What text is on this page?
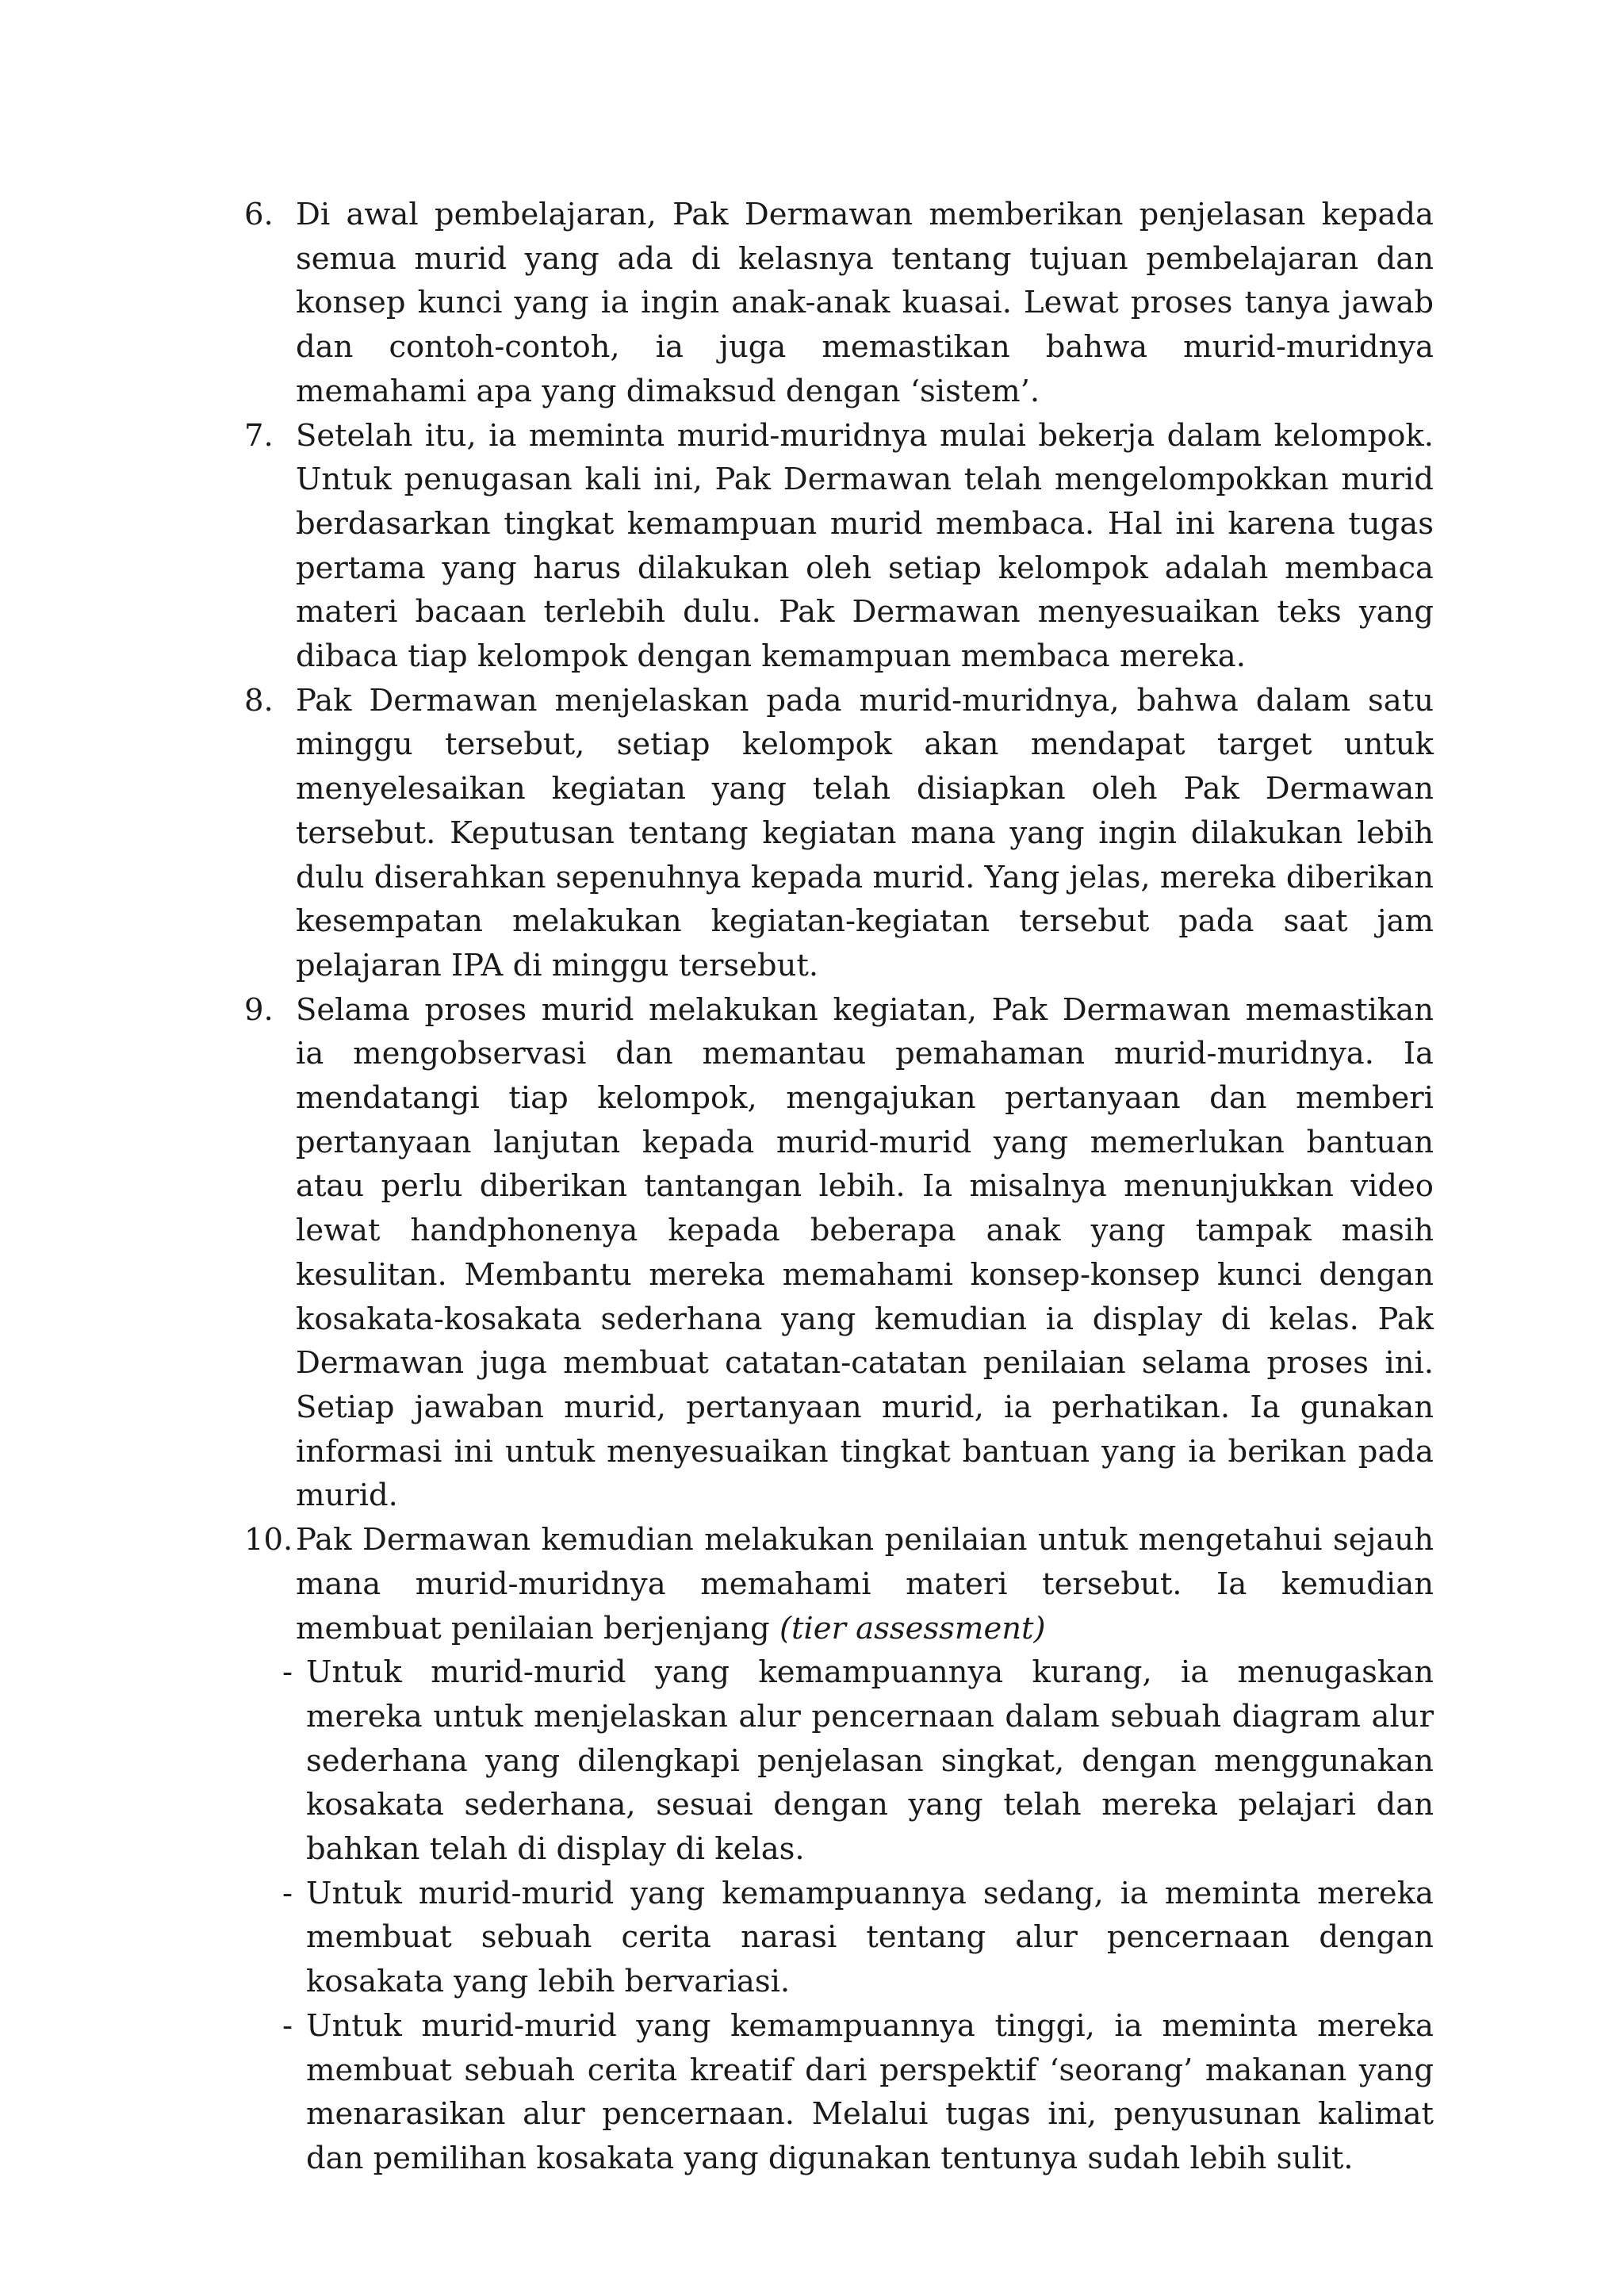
6. Di awal pembelajaran, Pak Dermawan memberikan penjelasan kepada semua murid yang ada di kelasnya tentang tujuan pembelajaran dan konsep kunci yang ia ingin anak-anak kuasai. Lewat proses tanya jawab dan contoh-contoh, ia juga memastikan bahwa murid-muridnya memahami apa yang dimaksud dengan ‘sistem’.

7. Setelah itu, ia meminta murid-muridnya mulai bekerja dalam kelompok. Untuk penugasan kali ini, Pak Dermawan telah mengelompokkan murid berdasarkan tingkat kemampuan murid membaca. Hal ini karena tugas pertama yang harus dilakukan oleh setiap kelompok adalah membaca materi bacaan terlebih dulu. Pak Dermawan menyesuaikan teks yang dibaca tiap kelompok dengan kemampuan membaca mereka.

8. Pak Dermawan menjelaskan pada murid-muridnya, bahwa dalam satu minggu tersebut, setiap kelompok akan mendapat target untuk menyelesaikan kegiatan yang telah disiapkan oleh Pak Dermawan tersebut. Keputusan tentang kegiatan mana yang ingin dilakukan lebih dulu diserahkan sepenuhnya kepada murid. Yang jelas, mereka diberikan kesempatan melakukan kegiatan-kegiatan tersebut pada saat jam pelajaran IPA di minggu tersebut.

9. Selama proses murid melakukan kegiatan, Pak Dermawan memastikan ia mengobservasi dan memantau pemahaman murid-muridnya. Ia mendatangi tiap kelompok, mengajukan pertanyaan dan memberi pertanyaan lanjutan kepada murid-murid yang memerlukan bantuan atau perlu diberikan tantangan lebih. Ia misalnya menunjukkan video lewat handphonenya kepada beberapa anak yang tampak masih kesulitan. Membantu mereka memahami konsep-konsep kunci dengan kosakata-kosakata sederhana yang kemudian ia display di kelas. Pak Dermawan juga membuat catatan-catatan penilaian selama proses ini. Setiap jawaban murid, pertanyaan murid, ia perhatikan. Ia gunakan informasi ini untuk menyesuaikan tingkat bantuan yang ia berikan pada murid.

10. Pak Dermawan kemudian melakukan penilaian untuk mengetahui sejauh mana murid-muridnya memahami materi tersebut. Ia kemudian membuat penilaian berjenjang (tier assessment)

- Untuk murid-murid yang kemampuannya kurang, ia menugaskan mereka untuk menjelaskan alur pencernaan dalam sebuah diagram alur sederhana yang dilengkapi penjelasan singkat, dengan menggunakan kosakata sederhana, sesuai dengan yang telah mereka pelajari dan bahkan telah di display di kelas.

- Untuk murid-murid yang kemampuannya sedang, ia meminta mereka membuat sebuah cerita narasi tentang alur pencernaan dengan kosakata yang lebih bervariasi.

- Untuk murid-murid yang kemampuannya tinggi, ia meminta mereka membuat sebuah cerita kreatif dari perspektif ‘seorang’ makanan yang menarasikan alur pencernaan. Melalui tugas ini, penyusunan kalimat dan pemilihan kosakata yang digunakan tentunya sudah lebih sulit.
